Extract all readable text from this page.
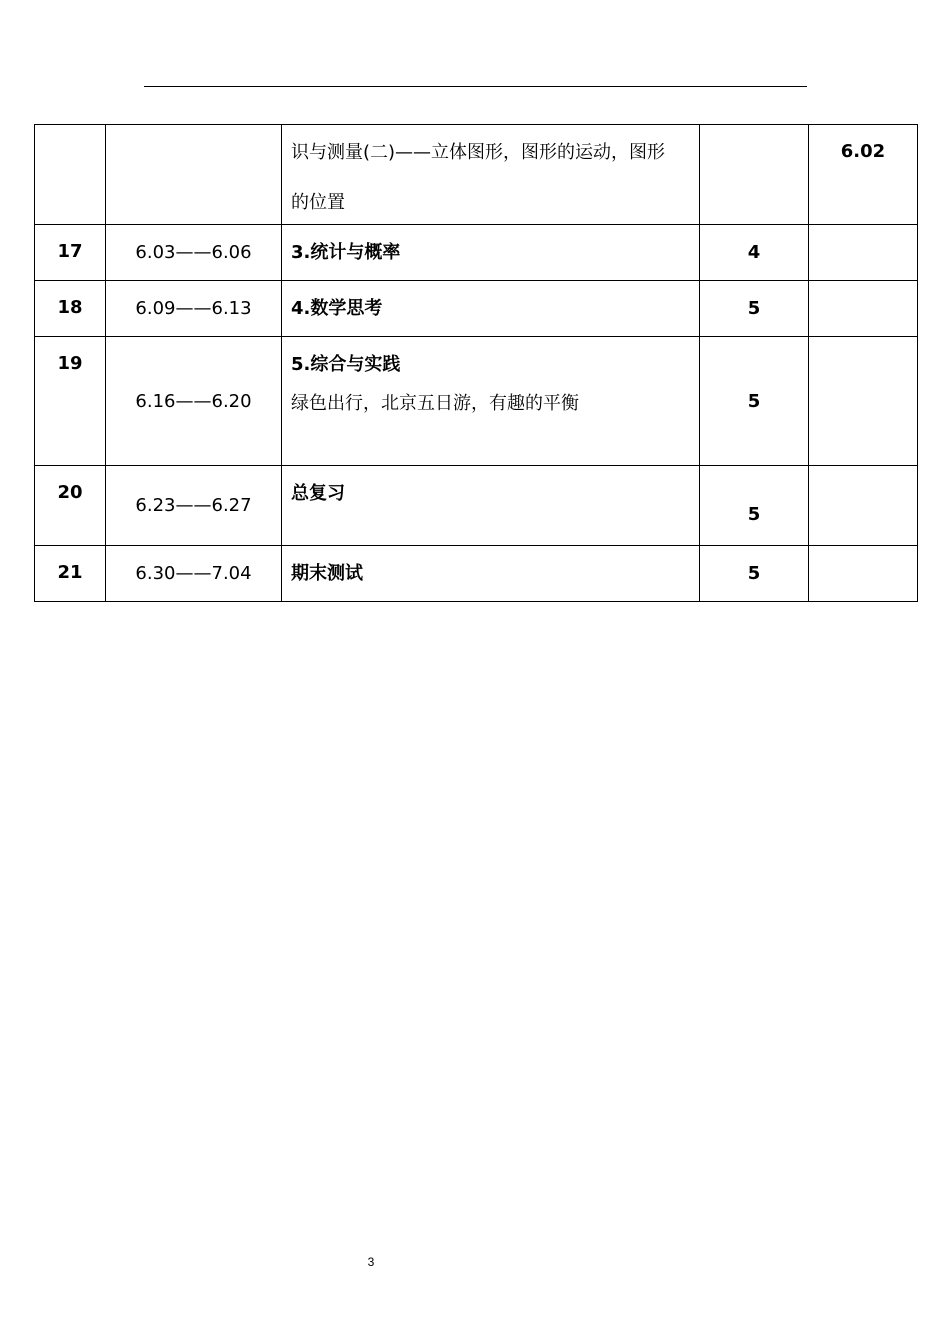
		识与测量(二)——立体图形，图形的运动，图形
的位置		6.02
17	6.03——6.06	3.统计与概率	4	
18	6.09——6.13	4.数学思考	5	
19	6.16——6.20	5.综合与实践
绿色出行，北京五日游，有趣的平衡	5	
20	6.23——6.27	总复习	5	
21	6.30——7.04	期末测试	5	
3
